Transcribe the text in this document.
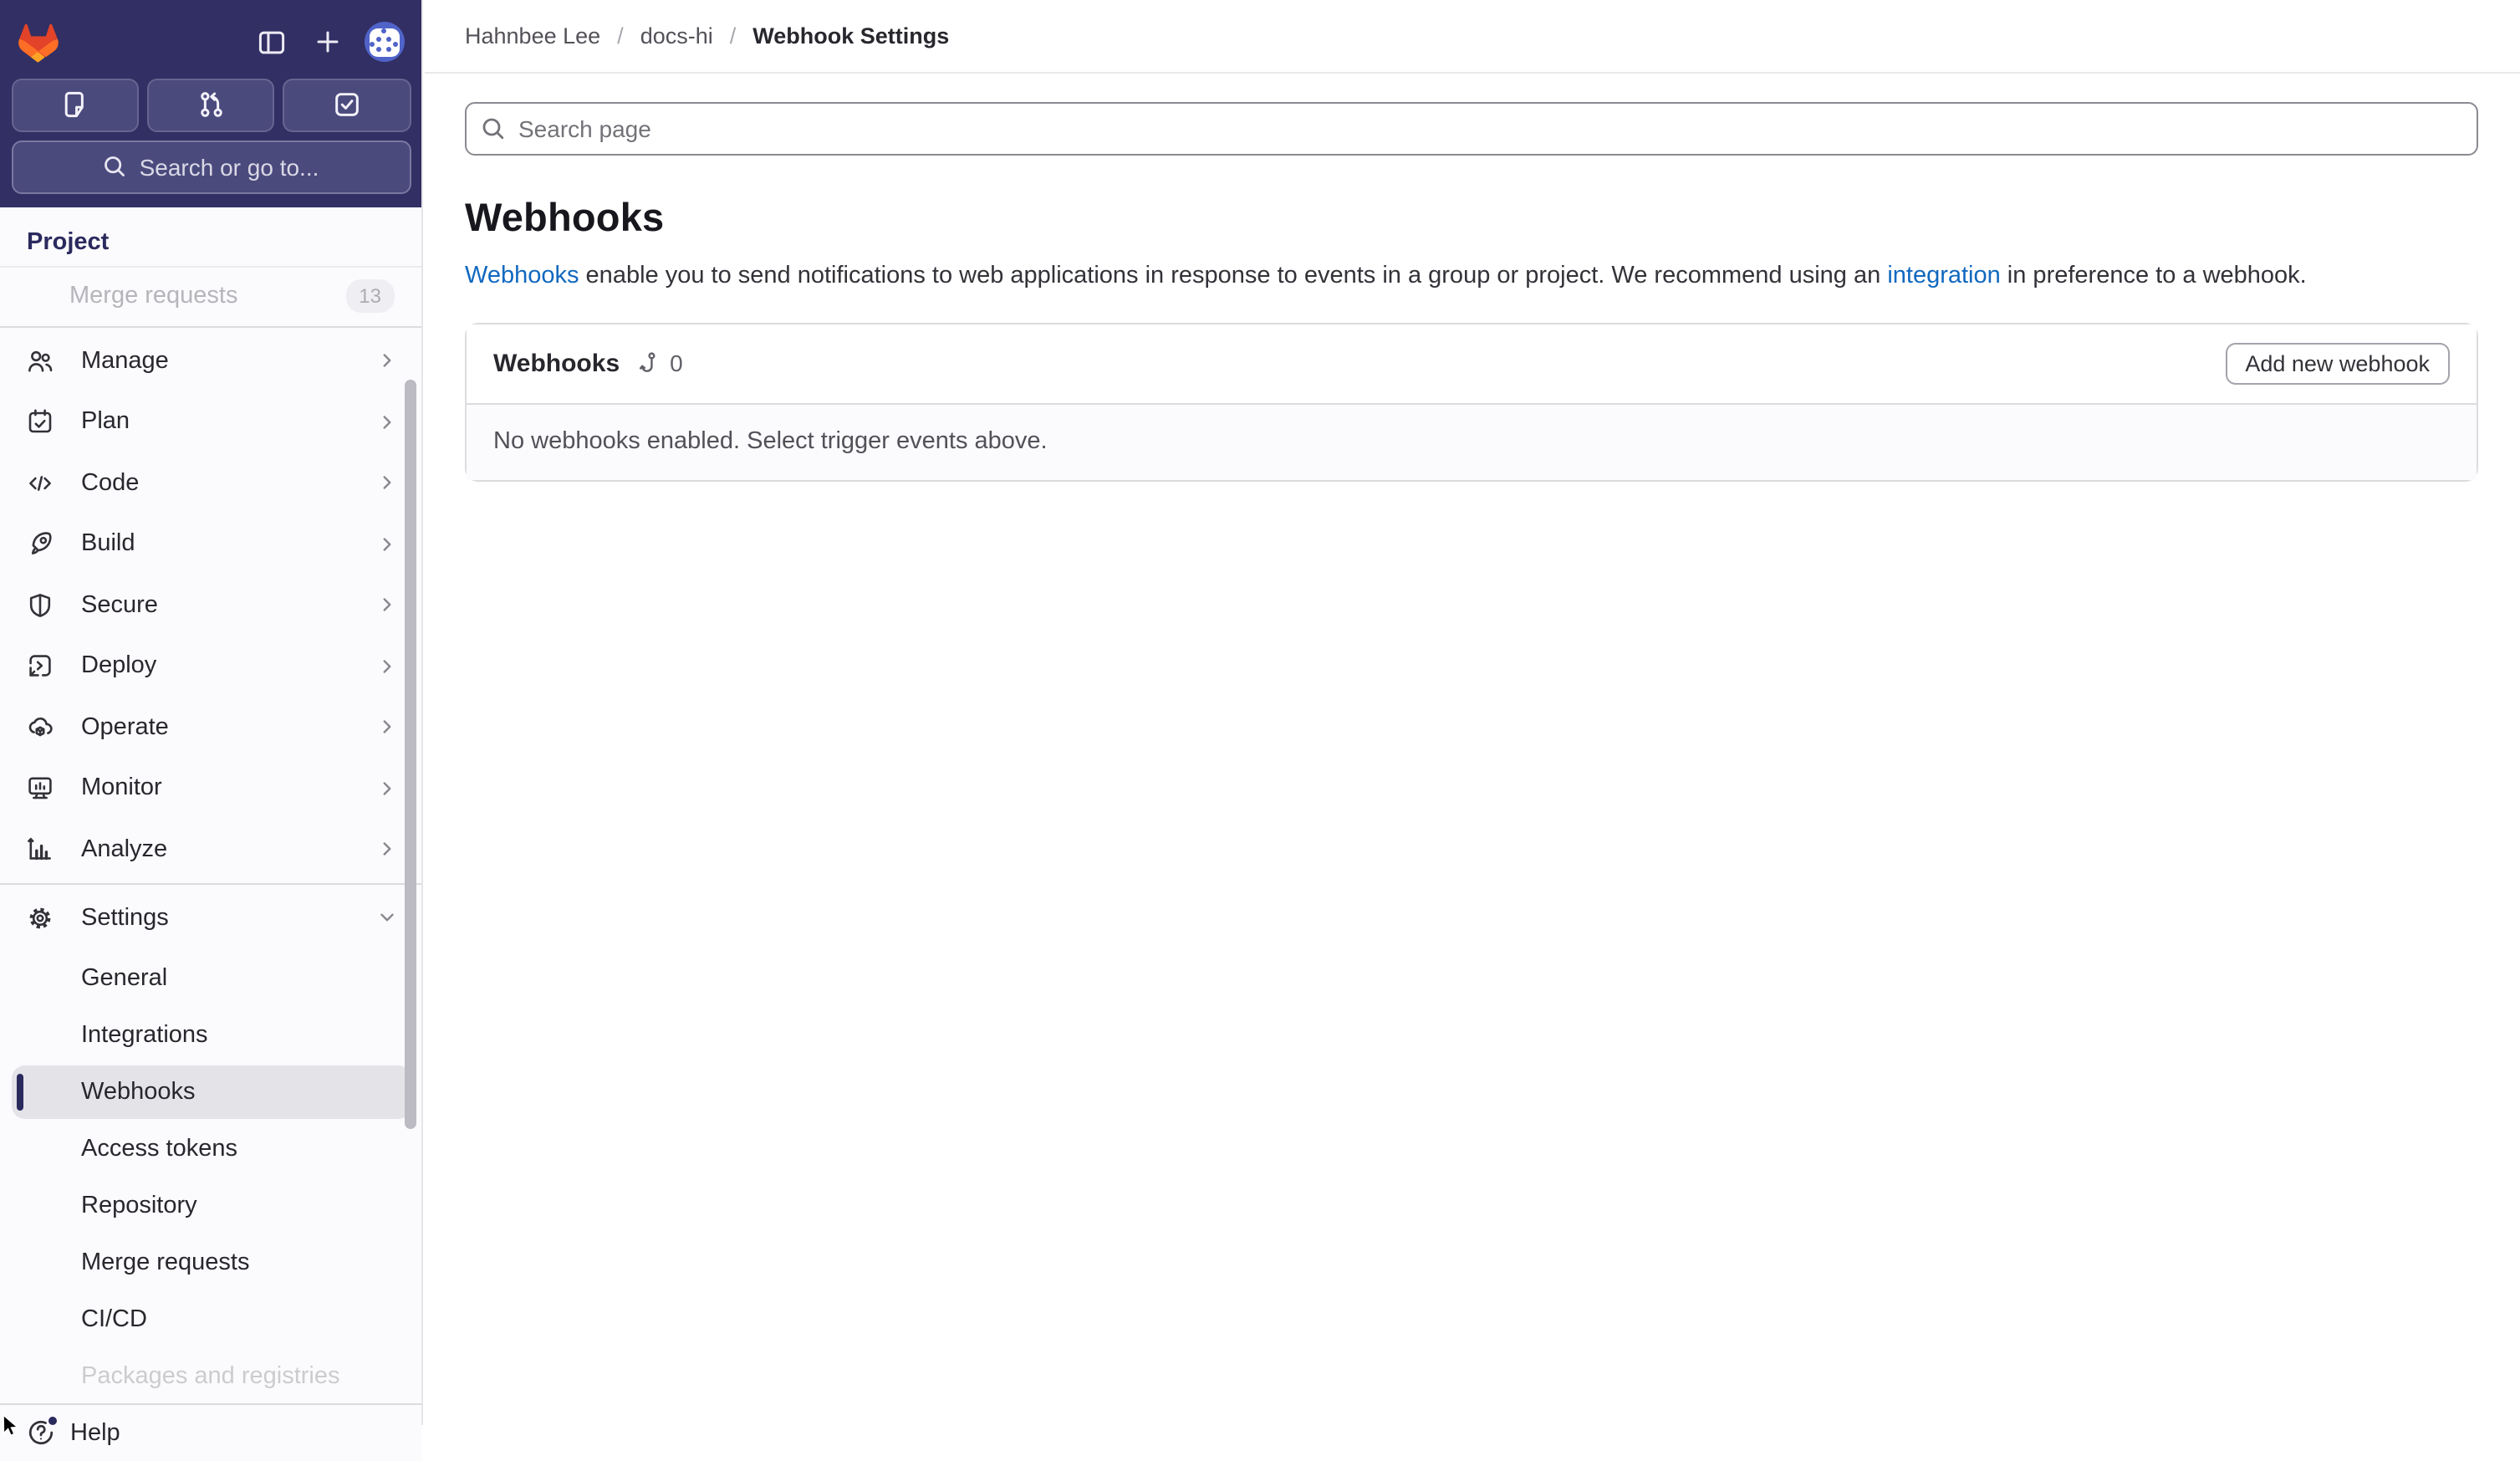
Search or go to...
Project
Merge requests	13
Manage
Plan
Code
Build
Secure
Deploy
Operate
Monitor
Analyze
Settings
General
Integrations
Webhooks
Access tokens
Repository
Merge requests
CI/CD
Packages and registries
Help
Hahnbee Lee / docs-hi / Webhook Settings
Search page
Webhooks

Webhooks enable you to send notifications to web applications in response to events in a group or project. We recommend using an integration in preference to a webhook.

Webhooks	0	Add new webhook
No webhooks enabled. Select trigger events above.
